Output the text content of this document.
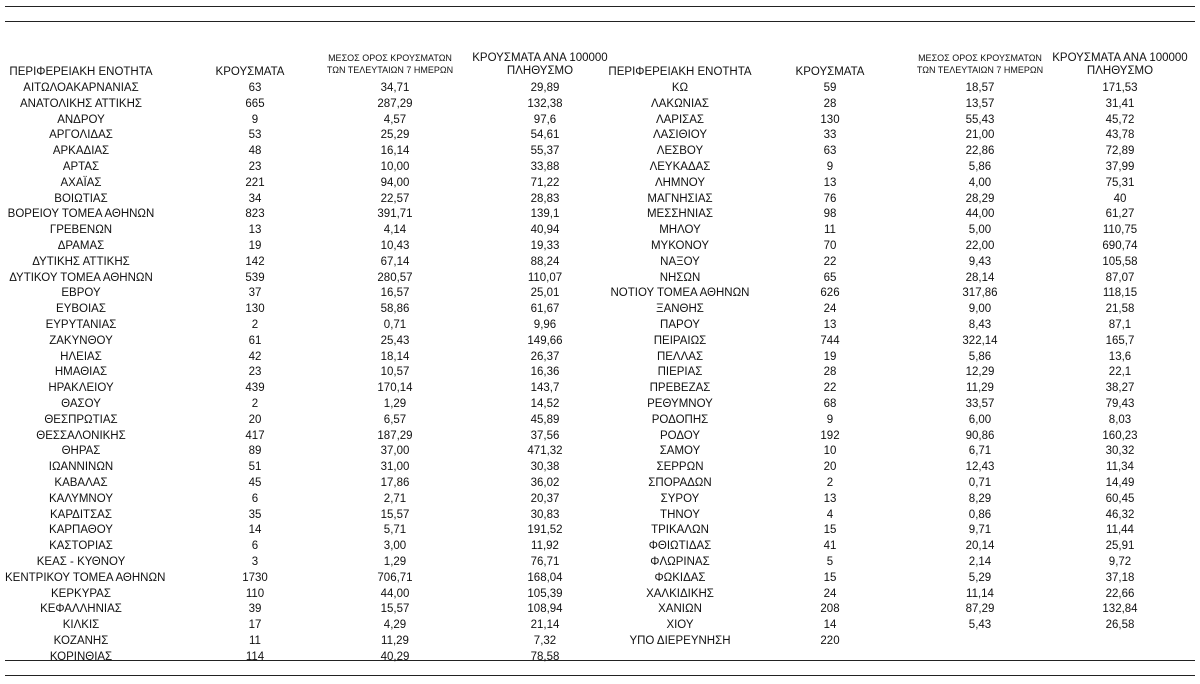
ΠΕΡΙΦΕΡΕΙΑΚΗ ΕΝΟΤΗΤΑ	ΚΡΟΥΣΜΑΤΑ
ΜΕΣΟΣ ΟΡΟΣ ΚΡΟΥΣΜΑΤΩΝ
ΤΩΝ ΤΕΛΕΥΤΑΙΩΝ 7 ΗΜΕΡΩΝ
ΚΡΟΥΣΜΑΤΑ ΑΝΑ 100000
ΠΛΗΘΥΣΜΟ	ΠΕΡΙΦΕΡΕΙΑΚΗ ΕΝΟΤΗΤΑ	ΚΡΟΥΣΜΑΤΑ
ΜΕΣΟΣ ΟΡΟΣ ΚΡΟΥΣΜΑΤΩΝ
ΤΩΝ ΤΕΛΕΥΤΑΙΩΝ 7 ΗΜΕΡΩΝ
ΚΡΟΥΣΜΑΤΑ ΑΝΑ 100000
ΠΛΗΘΥΣΜΟ
ΑΙΤΩΛΟΑΚΑΡΝΑΝΙΑΣ	63	34,71	29,89
ΑΝΑΤΟΛΙΚΗΣ ΑΤΤΙΚΗΣ	665	287,29	132,38
ΑΝΔΡΟΥ	9	4,57	97,6
ΑΡΓΟΛΙΔΑΣ	53	25,29	54,61
ΑΡΚΑΔΙΑΣ	48	16,14	55,37
ΑΡΤΑΣ	23	10,00	33,88
ΑΧΑΪΑΣ	221	94,00	71,22
ΒΟΙΩΤΙΑΣ	34	22,57	28,83
ΒΟΡΕΙΟΥ ΤΟΜΕΑ ΑΘΗΝΩΝ	823	391,71	139,1
ΓΡΕΒΕΝΩΝ	13	4,14	40,94
ΔΡΑΜΑΣ	19	10,43	19,33
ΔΥΤΙΚΗΣ ΑΤΤΙΚΗΣ	142	67,14	88,24
ΔΥΤΙΚΟΥ ΤΟΜΕΑ ΑΘΗΝΩΝ	539	280,57	110,07
ΕΒΡΟΥ	37	16,57	25,01
ΕΥΒΟΙΑΣ	130	58,86	61,67
ΕΥΡΥΤΑΝΙΑΣ	2	0,71	9,96
ΖΑΚΥΝΘΟΥ	61	25,43	149,66
ΗΛΕΙΑΣ	42	18,14	26,37
ΗΜΑΘΙΑΣ	23	10,57	16,36
ΗΡΑΚΛΕΙΟΥ	439	170,14	143,7
ΘΑΣΟΥ	2	1,29	14,52
ΘΕΣΠΡΩΤΙΑΣ	20	6,57	45,89
ΘΕΣΣΑΛΟΝΙΚΗΣ	417	187,29	37,56
ΘΗΡΑΣ	89	37,00	471,32
ΙΩΑΝΝΙΝΩΝ	51	31,00	30,38
ΚΑΒΑΛΑΣ	45	17,86	36,02
ΚΑΛΥΜΝΟΥ	6	2,71	20,37
ΚΑΡΔΙΤΣΑΣ	35	15,57	30,83
ΚΑΡΠΑΘΟΥ	14	5,71	191,52
ΚΑΣΤΟΡΙΑΣ	6	3,00	11,92
ΚΕΑΣ - ΚΥΘΝΟΥ	3	1,29	76,71
ΚΕΝΤΡΙΚΟΥ ΤΟΜΕΑ ΑΘΗΝΩΝ	1730	706,71	168,04
ΚΕΡΚΥΡΑΣ	110	44,00	105,39
ΚΕΦΑΛΛΗΝΙΑΣ	39	15,57	108,94
ΚΙΛΚΙΣ	17	4,29	21,14
ΚΟΖΑΝΗΣ	11	11,29	7,32
ΚΟΡΙΝΘΙΑΣ	114	40,29	78,58
ΚΩ	59	18,57	171,53
ΛΑΚΩΝΙΑΣ	28	13,57	31,41
ΛΑΡΙΣΑΣ	130	55,43	45,72
ΛΑΣΙΘΙΟΥ	33	21,00	43,78
ΛΕΣΒΟΥ	63	22,86	72,89
ΛΕΥΚΑΔΑΣ	9	5,86	37,99
ΛΗΜΝΟΥ	13	4,00	75,31
ΜΑΓΝΗΣΙΑΣ	76	28,29	40
ΜΕΣΣΗΝΙΑΣ	98	44,00	61,27
ΜΗΛΟΥ	11	5,00	110,75
ΜΥΚΟΝΟΥ	70	22,00	690,74
ΝΑΞΟΥ	22	9,43	105,58
ΝΗΣΩΝ	65	28,14	87,07
ΝΟΤΙΟΥ ΤΟΜΕΑ ΑΘΗΝΩΝ	626	317,86	118,15
ΞΑΝΘΗΣ	24	9,00	21,58
ΠΑΡΟΥ	13	8,43	87,1
ΠΕΙΡΑΙΩΣ	744	322,14	165,7
ΠΕΛΛΑΣ	19	5,86	13,6
ΠΙΕΡΙΑΣ	28	12,29	22,1
ΠΡΕΒΕΖΑΣ	22	11,29	38,27
ΡΕΘΥΜΝΟΥ	68	33,57	79,43
ΡΟΔΟΠΗΣ	9	6,00	8,03
ΡΟΔΟΥ	192	90,86	160,23
ΣΑΜΟΥ	10	6,71	30,32
ΣΕΡΡΩΝ	20	12,43	11,34
ΣΠΟΡΑΔΩΝ	2	0,71	14,49
ΣΥΡΟΥ	13	8,29	60,45
ΤΗΝΟΥ	4	0,86	46,32
ΤΡΙΚΑΛΩΝ	15	9,71	11,44
ΦΘΙΩΤΙΔΑΣ	41	20,14	25,91
ΦΛΩΡΙΝΑΣ	5	2,14	9,72
ΦΩΚΙΔΑΣ	15	5,29	37,18
ΧΑΛΚΙΔΙΚΗΣ	24	11,14	22,66
ΧΑΝΙΩΝ	208	87,29	132,84
ΧΙΟΥ	14	5,43	26,58
ΥΠΟ ΔΙΕΡΕΥΝΗΣΗ	220
